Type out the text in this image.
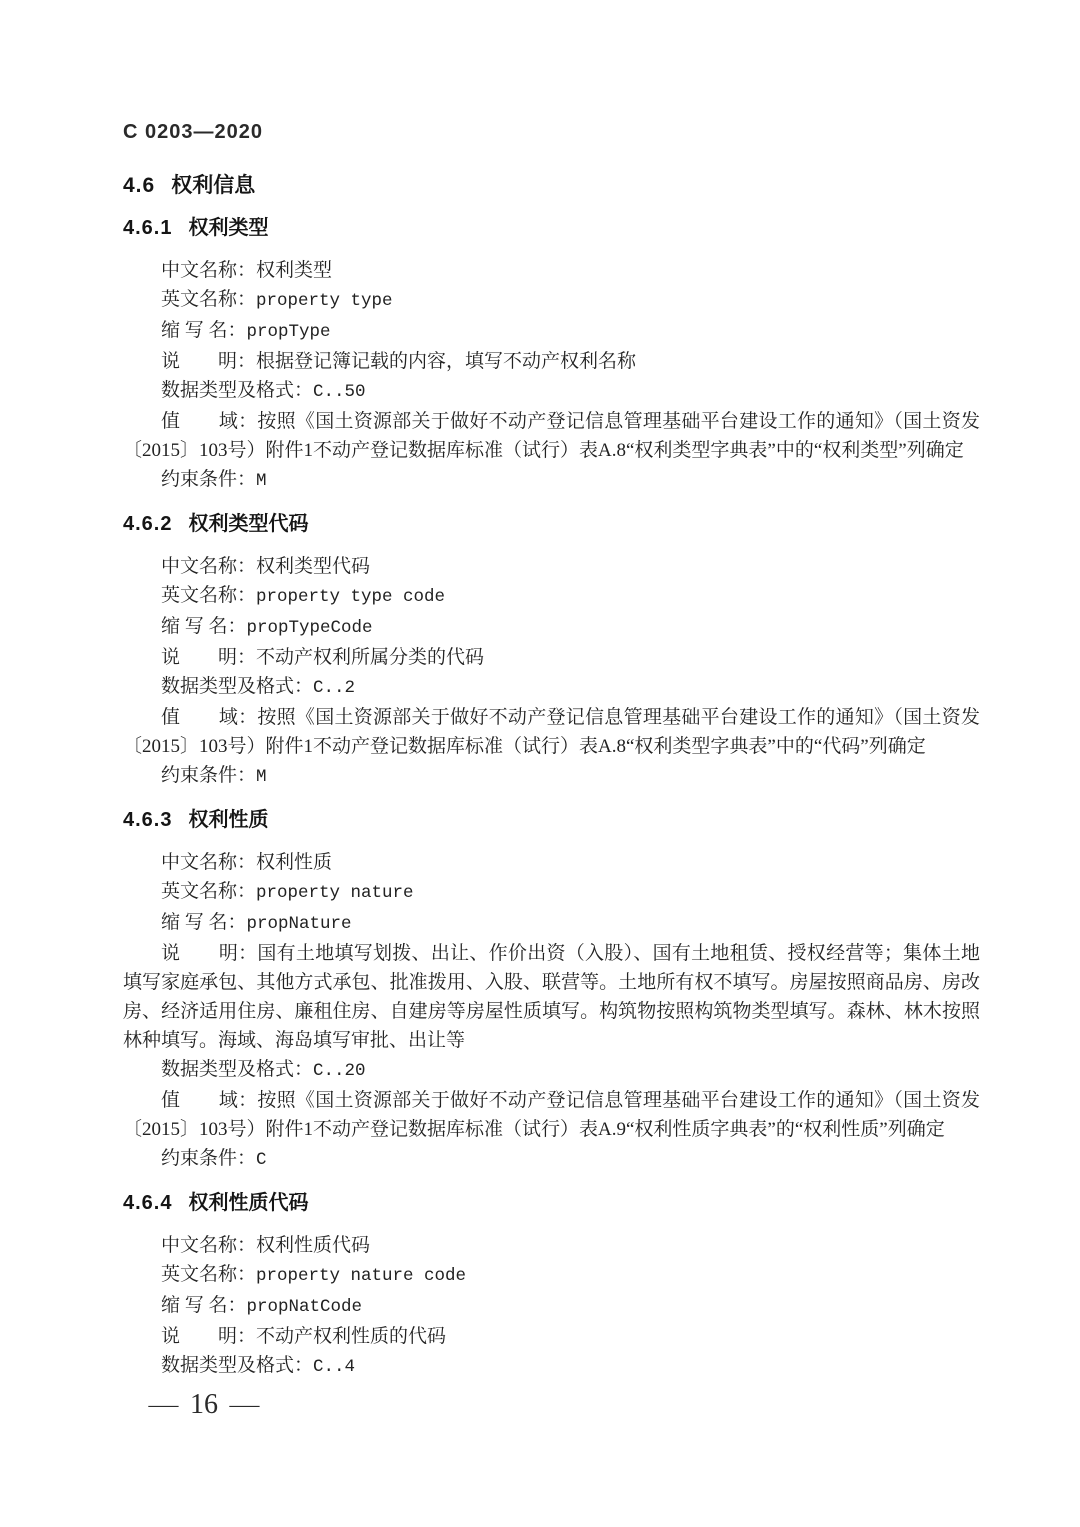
C 0203—2020

4.6 权利信息
4.6.1 权利类型

中文名称：权利类型

英文名称：property type

缩 写 名：propType

说　　明：根据登记簿记载的内容，填写不动产权利名称

数据类型及格式：C..50

值　　域：按照《国土资源部关于做好不动产登记信息管理基础平台建设工作的通知》（国土资发〔2015〕103号）附件1不动产登记数据库标准（试行）表A.8“权利类型字典表”中的“权利类型”列确定

约束条件：M

4.6.2 权利类型代码

中文名称：权利类型代码

英文名称：property type code

缩 写 名：propTypeCode

说　　明：不动产权利所属分类的代码

数据类型及格式：C..2

值　　域：按照《国土资源部关于做好不动产登记信息管理基础平台建设工作的通知》（国土资发〔2015〕103号）附件1不动产登记数据库标准（试行）表A.8“权利类型字典表”中的“代码”列确定

约束条件：M

4.6.3 权利性质

中文名称：权利性质

英文名称：property nature

缩 写 名：propNature

说　　明：国有土地填写划拨、出让、作价出资（入股）、国有土地租赁、授权经营等；集体土地填写家庭承包、其他方式承包、批准拨用、入股、联营等。土地所有权不填写。房屋按照商品房、房改房、经济适用住房、廉租住房、自建房等房屋性质填写。构筑物按照构筑物类型填写。森林、林木按照林种填写。海域、海岛填写审批、出让等

数据类型及格式：C..20

值　　域：按照《国土资源部关于做好不动产登记信息管理基础平台建设工作的通知》（国土资发〔2015〕103号）附件1不动产登记数据库标准（试行）表A.9“权利性质字典表”的“权利性质”列确定

约束条件：C

4.6.4 权利性质代码

中文名称：权利性质代码

英文名称：property nature code

缩 写 名：propNatCode

说　　明：不动产权利性质的代码

数据类型及格式：C..4

— 16 —
